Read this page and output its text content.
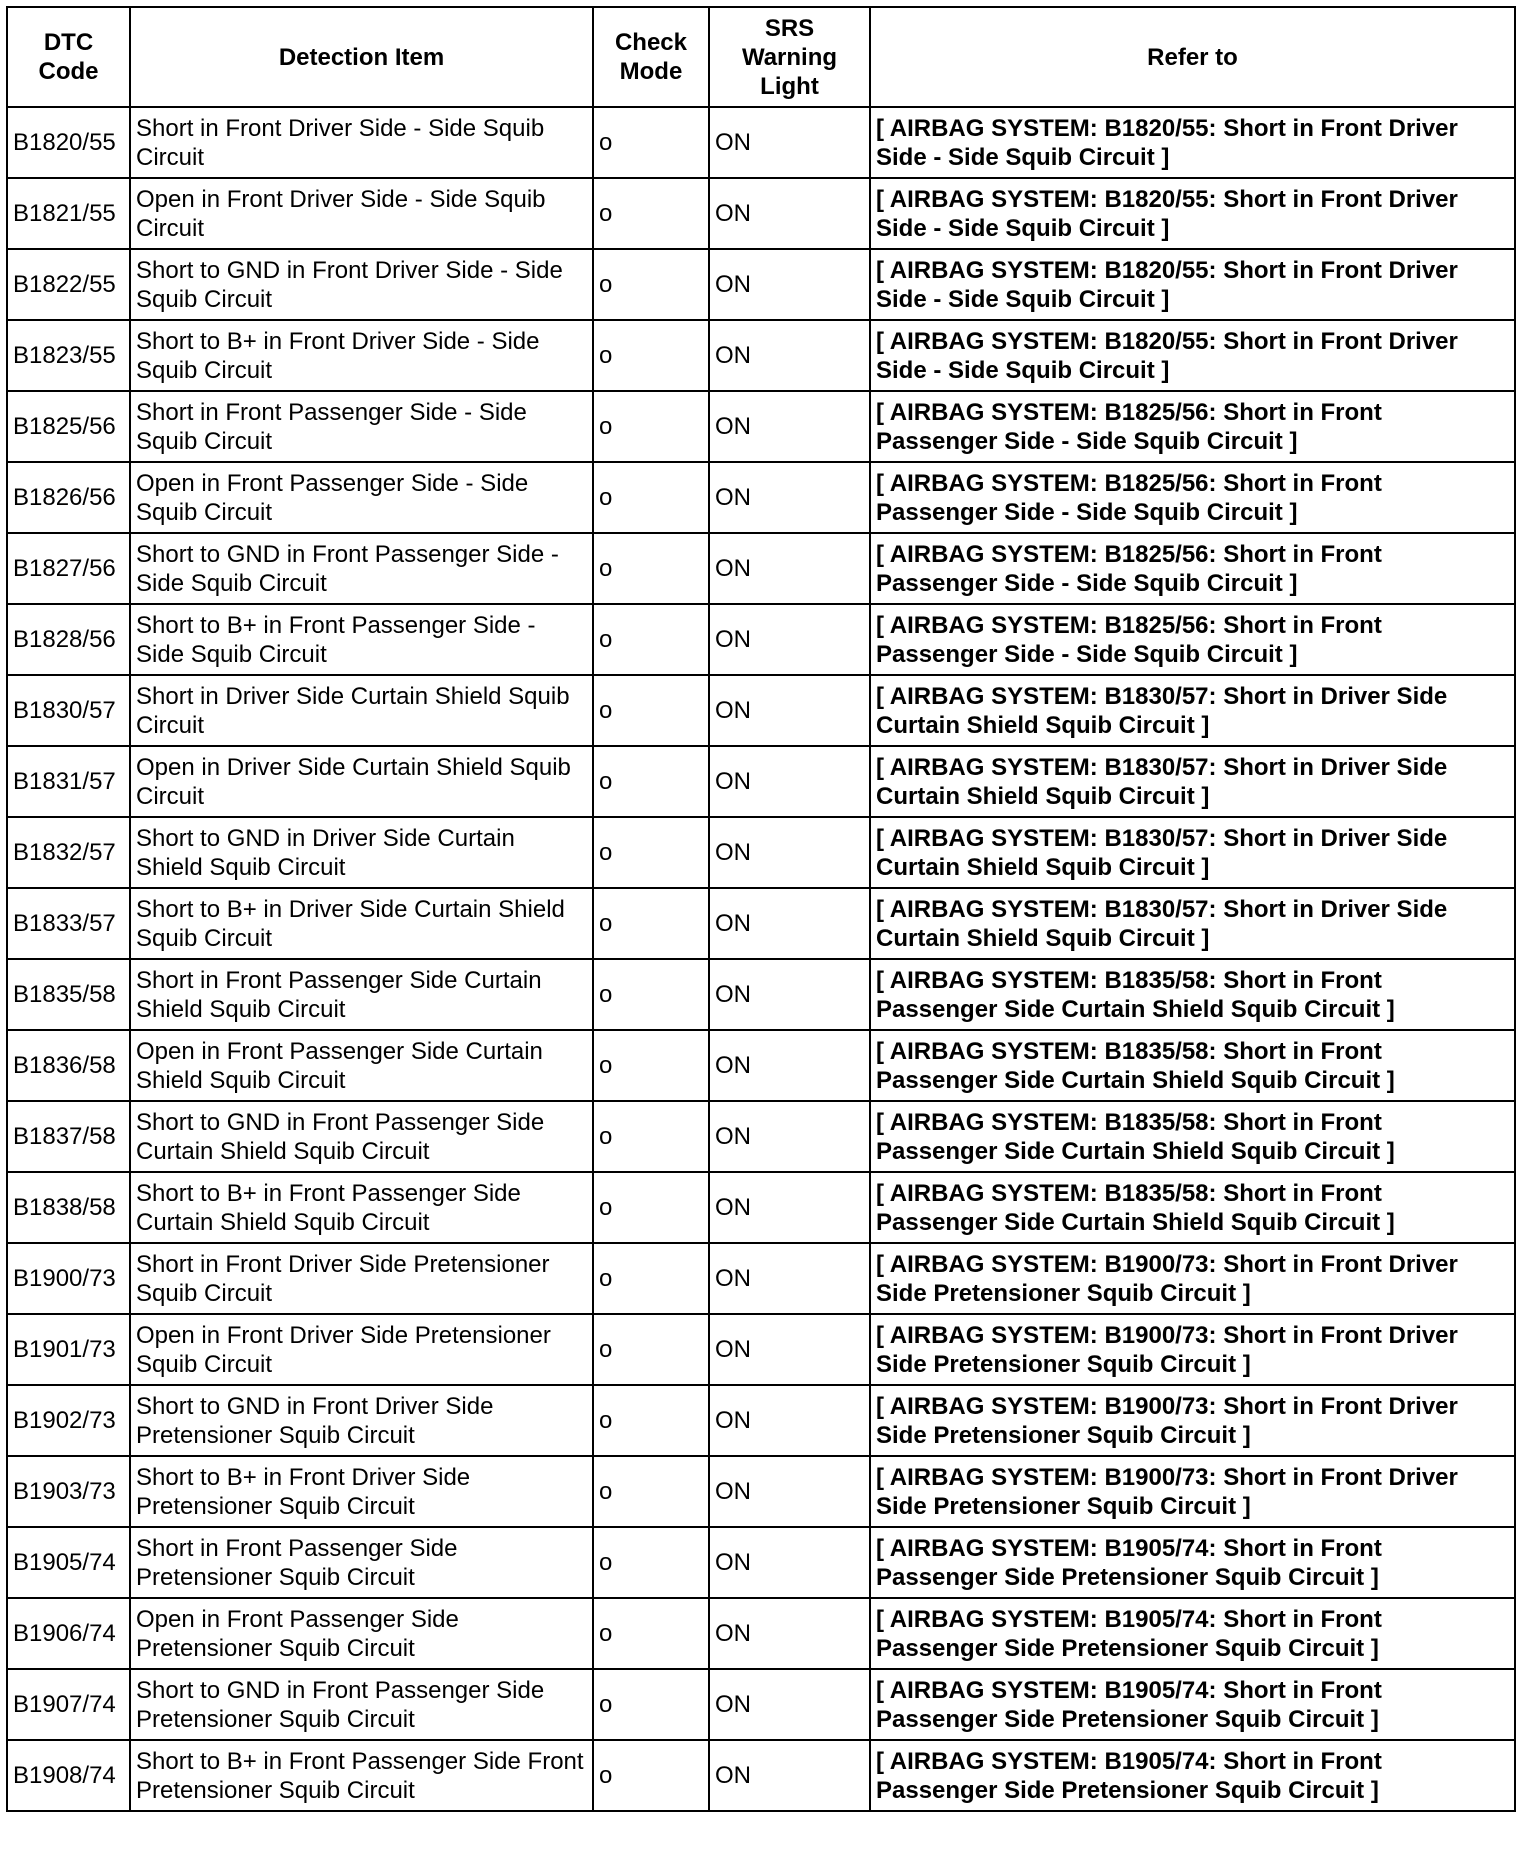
DTC Code	Detection Item	Check Mode	SRS Warning Light	Refer to
B1820/55	Short in Front Driver Side - Side Squib Circuit	o	ON	[ AIRBAG SYSTEM: B1820/55: Short in Front Driver Side - Side Squib Circuit ]
B1821/55	Open in Front Driver Side - Side Squib Circuit	o	ON	[ AIRBAG SYSTEM: B1820/55: Short in Front Driver Side - Side Squib Circuit ]
B1822/55	Short to GND in Front Driver Side - Side Squib Circuit	o	ON	[ AIRBAG SYSTEM: B1820/55: Short in Front Driver Side - Side Squib Circuit ]
B1823/55	Short to B+ in Front Driver Side - Side Squib Circuit	o	ON	[ AIRBAG SYSTEM: B1820/55: Short in Front Driver Side - Side Squib Circuit ]
B1825/56	Short in Front Passenger Side - Side Squib Circuit	o	ON	[ AIRBAG SYSTEM: B1825/56: Short in Front Passenger Side - Side Squib Circuit ]
B1826/56	Open in Front Passenger Side - Side Squib Circuit	o	ON	[ AIRBAG SYSTEM: B1825/56: Short in Front Passenger Side - Side Squib Circuit ]
B1827/56	Short to GND in Front Passenger Side - Side Squib Circuit	o	ON	[ AIRBAG SYSTEM: B1825/56: Short in Front Passenger Side - Side Squib Circuit ]
B1828/56	Short to B+ in Front Passenger Side - Side Squib Circuit	o	ON	[ AIRBAG SYSTEM: B1825/56: Short in Front Passenger Side - Side Squib Circuit ]
B1830/57	Short in Driver Side Curtain Shield Squib Circuit	o	ON	[ AIRBAG SYSTEM: B1830/57: Short in Driver Side Curtain Shield Squib Circuit ]
B1831/57	Open in Driver Side Curtain Shield Squib Circuit	o	ON	[ AIRBAG SYSTEM: B1830/57: Short in Driver Side Curtain Shield Squib Circuit ]
B1832/57	Short to GND in Driver Side Curtain Shield Squib Circuit	o	ON	[ AIRBAG SYSTEM: B1830/57: Short in Driver Side Curtain Shield Squib Circuit ]
B1833/57	Short to B+ in Driver Side Curtain Shield Squib Circuit	o	ON	[ AIRBAG SYSTEM: B1830/57: Short in Driver Side Curtain Shield Squib Circuit ]
B1835/58	Short in Front Passenger Side Curtain Shield Squib Circuit	o	ON	[ AIRBAG SYSTEM: B1835/58: Short in Front Passenger Side Curtain Shield Squib Circuit ]
B1836/58	Open in Front Passenger Side Curtain Shield Squib Circuit	o	ON	[ AIRBAG SYSTEM: B1835/58: Short in Front Passenger Side Curtain Shield Squib Circuit ]
B1837/58	Short to GND in Front Passenger Side Curtain Shield Squib Circuit	o	ON	[ AIRBAG SYSTEM: B1835/58: Short in Front Passenger Side Curtain Shield Squib Circuit ]
B1838/58	Short to B+ in Front Passenger Side Curtain Shield Squib Circuit	o	ON	[ AIRBAG SYSTEM: B1835/58: Short in Front Passenger Side Curtain Shield Squib Circuit ]
B1900/73	Short in Front Driver Side Pretensioner Squib Circuit	o	ON	[ AIRBAG SYSTEM: B1900/73: Short in Front Driver Side Pretensioner Squib Circuit ]
B1901/73	Open in Front Driver Side Pretensioner Squib Circuit	o	ON	[ AIRBAG SYSTEM: B1900/73: Short in Front Driver Side Pretensioner Squib Circuit ]
B1902/73	Short to GND in Front Driver Side Pretensioner Squib Circuit	o	ON	[ AIRBAG SYSTEM: B1900/73: Short in Front Driver Side Pretensioner Squib Circuit ]
B1903/73	Short to B+ in Front Driver Side Pretensioner Squib Circuit	o	ON	[ AIRBAG SYSTEM: B1900/73: Short in Front Driver Side Pretensioner Squib Circuit ]
B1905/74	Short in Front Passenger Side Pretensioner Squib Circuit	o	ON	[ AIRBAG SYSTEM: B1905/74: Short in Front Passenger Side Pretensioner Squib Circuit ]
B1906/74	Open in Front Passenger Side Pretensioner Squib Circuit	o	ON	[ AIRBAG SYSTEM: B1905/74: Short in Front Passenger Side Pretensioner Squib Circuit ]
B1907/74	Short to GND in Front Passenger Side Pretensioner Squib Circuit	o	ON	[ AIRBAG SYSTEM: B1905/74: Short in Front Passenger Side Pretensioner Squib Circuit ]
B1908/74	Short to B+ in Front Passenger Side Front Pretensioner Squib Circuit	o	ON	[ AIRBAG SYSTEM: B1905/74: Short in Front Passenger Side Pretensioner Squib Circuit ]
